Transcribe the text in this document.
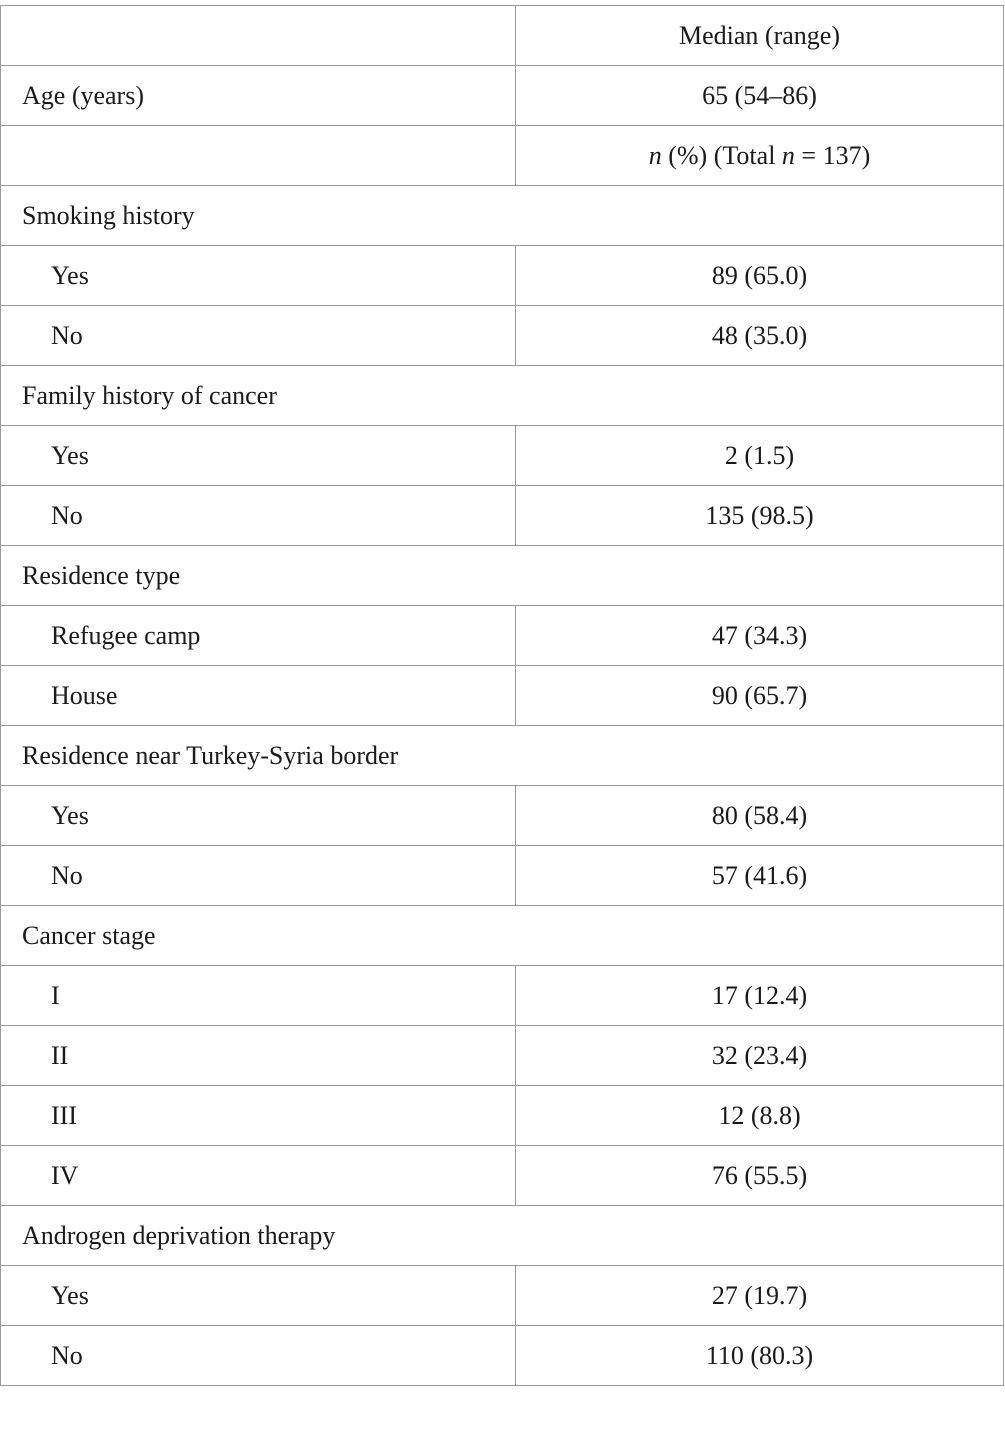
	Median (range)
Age (years)	65 (54–86)
	n (%) (Total n = 137)
Smoking history	
Yes	89 (65.0)
No	48 (35.0)
Family history of cancer	
Yes	2 (1.5)
No	135 (98.5)
Residence type	
Refugee camp	47 (34.3)
House	90 (65.7)
Residence near Turkey-Syria border	
Yes	80 (58.4)
No	57 (41.6)
Cancer stage	
I	17 (12.4)
II	32 (23.4)
III	12 (8.8)
IV	76 (55.5)
Androgen deprivation therapy	
Yes	27 (19.7)
No	110 (80.3)
